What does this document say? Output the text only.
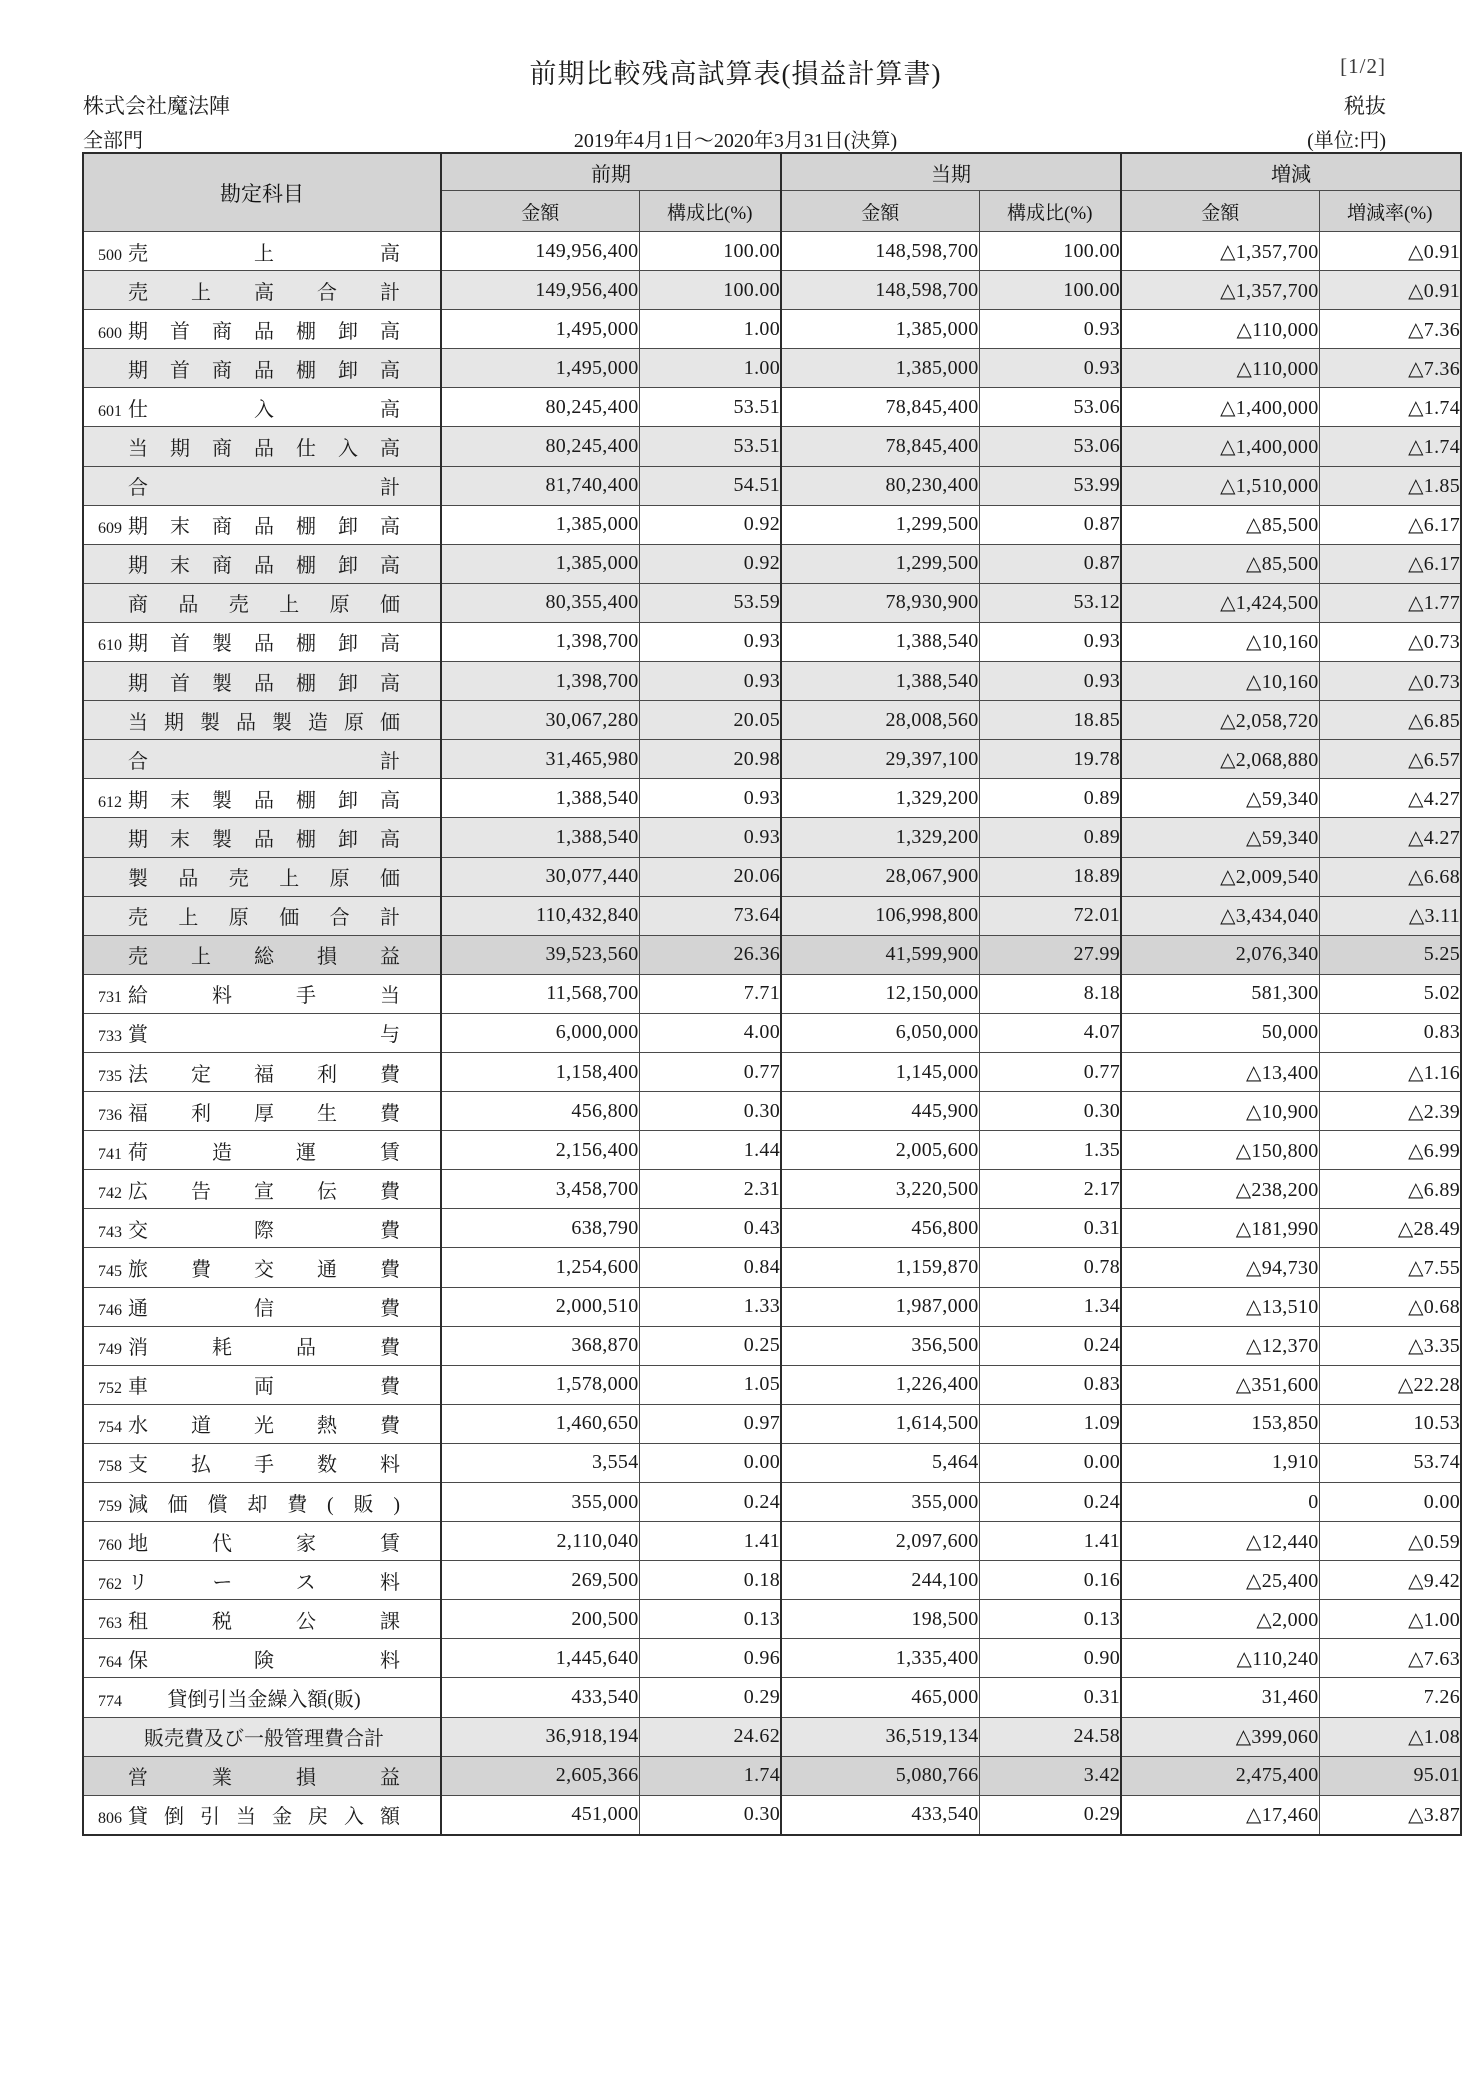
前期比較残高試算表(損益計算書)	[1/2]
株式会社魔法陣	税抜
全部門	2019年4月1日～2020年3月31日(決算)	(単位:円)
勘定科目	前期		当期		増減	
	金額	構成比(%)	金額	構成比(%)	金額	増減率(%)
500 売上高	149,956,400	100.00	148,598,700	100.00	△1,357,700	△0.91
売上高合計	149,956,400	100.00	148,598,700	100.00	△1,357,700	△0.91
600 期首商品棚卸高	1,495,000	1.00	1,385,000	0.93	△110,000	△7.36
期首商品棚卸高	1,495,000	1.00	1,385,000	0.93	△110,000	△7.36
601 仕入高	80,245,400	53.51	78,845,400	53.06	△1,400,000	△1.74
当期商品仕入高	80,245,400	53.51	78,845,400	53.06	△1,400,000	△1.74
合計	81,740,400	54.51	80,230,400	53.99	△1,510,000	△1.85
609 期末商品棚卸高	1,385,000	0.92	1,299,500	0.87	△85,500	△6.17
期末商品棚卸高	1,385,000	0.92	1,299,500	0.87	△85,500	△6.17
商品売上原価	80,355,400	53.59	78,930,900	53.12	△1,424,500	△1.77
610 期首製品棚卸高	1,398,700	0.93	1,388,540	0.93	△10,160	△0.73
期首製品棚卸高	1,398,700	0.93	1,388,540	0.93	△10,160	△0.73
当期製品製造原価	30,067,280	20.05	28,008,560	18.85	△2,058,720	△6.85
合計	31,465,980	20.98	29,397,100	19.78	△2,068,880	△6.57
612 期末製品棚卸高	1,388,540	0.93	1,329,200	0.89	△59,340	△4.27
期末製品棚卸高	1,388,540	0.93	1,329,200	0.89	△59,340	△4.27
製品売上原価	30,077,440	20.06	28,067,900	18.89	△2,009,540	△6.68
売上原価合計	110,432,840	73.64	106,998,800	72.01	△3,434,040	△3.11
売上総損益	39,523,560	26.36	41,599,900	27.99	2,076,340	5.25
731 給料手当	11,568,700	7.71	12,150,000	8.18	581,300	5.02
733 賞与	6,000,000	4.00	6,050,000	4.07	50,000	0.83
735 法定福利費	1,158,400	0.77	1,145,000	0.77	△13,400	△1.16
736 福利厚生費	456,800	0.30	445,900	0.30	△10,900	△2.39
741 荷造運賃	2,156,400	1.44	2,005,600	1.35	△150,800	△6.99
742 広告宣伝費	3,458,700	2.31	3,220,500	2.17	△238,200	△6.89
743 交際費	638,790	0.43	456,800	0.31	△181,990	△28.49
745 旅費交通費	1,254,600	0.84	1,159,870	0.78	△94,730	△7.55
746 通信費	2,000,510	1.33	1,987,000	1.34	△13,510	△0.68
749 消耗品費	368,870	0.25	356,500	0.24	△12,370	△3.35
752 車両費	1,578,000	1.05	1,226,400	0.83	△351,600	△22.28
754 水道光熱費	1,460,650	0.97	1,614,500	1.09	153,850	10.53
758 支払手数料	3,554	0.00	5,464	0.00	1,910	53.74
759 減価償却費(販)	355,000	0.24	355,000	0.24	0	0.00
760 地代家賃	2,110,040	1.41	2,097,600	1.41	△12,440	△0.59
762 リース料	269,500	0.18	244,100	0.16	△25,400	△9.42
763 租税公課	200,500	0.13	198,500	0.13	△2,000	△1.00
764 保険料	1,445,640	0.96	1,335,400	0.90	△110,240	△7.63
774 貸倒引当金繰入額(販)	433,540	0.29	465,000	0.31	31,460	7.26
販売費及び一般管理費合計	36,918,194	24.62	36,519,134	24.58	△399,060	△1.08
営業損益	2,605,366	1.74	5,080,766	3.42	2,475,400	95.01
806 貸倒引当金戻入額	451,000	0.30	433,540	0.29	△17,460	△3.87
